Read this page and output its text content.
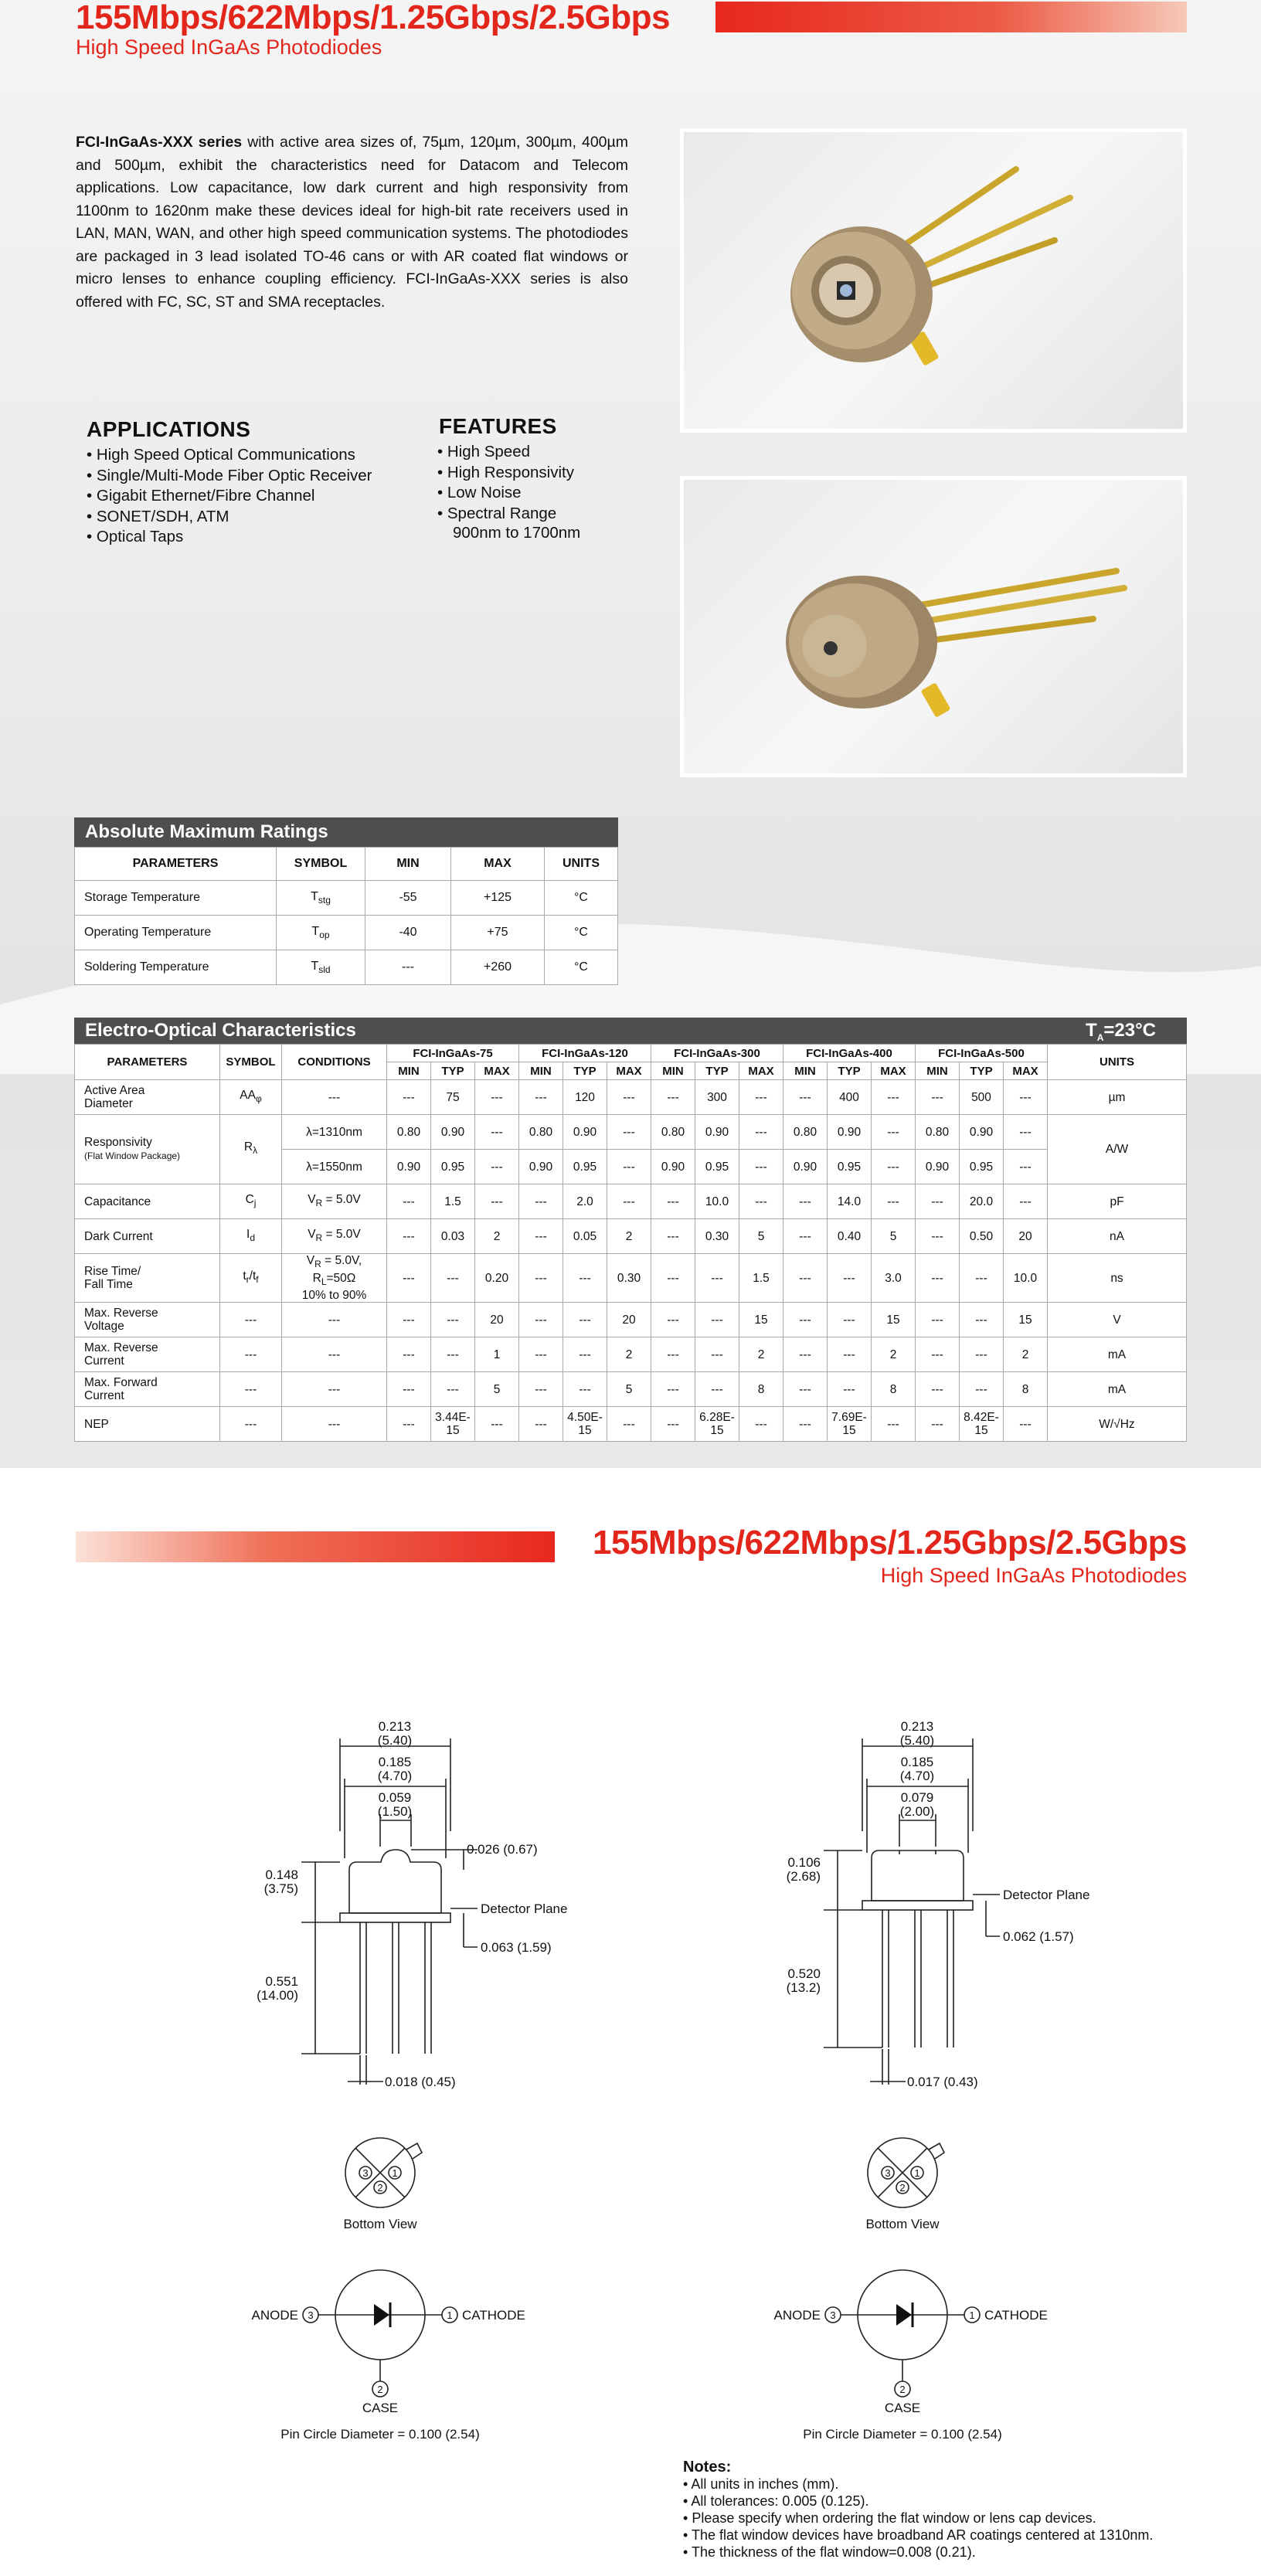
155Mbps/622Mbps/1.25Gbps/2.5Gbps
High Speed InGaAs Photodiodes
FCI-InGaAs-XXX series with active area sizes of, 75µm, 120µm, 300µm, 400µm and 500µm, exhibit the characteristics need for Datacom and Telecom applications. Low capacitance, low dark current and high responsivity from 1100nm to 1620nm make these devices ideal for high-bit rate receivers used in LAN, MAN, WAN, and other high speed communication systems. The photodiodes are packaged in 3 lead isolated TO-46 cans or with AR coated flat windows or micro lenses to enhance coupling efficiency. FCI-InGaAs-XXX series is also offered with FC, SC, ST and SMA receptacles.
APPLICATIONS
• High Speed Optical Communications
• Single/Multi-Mode Fiber Optic Receiver
• Gigabit Ethernet/Fibre Channel
• SONET/SDH, ATM
• Optical Taps
FEATURES
• High Speed
• High Responsivity
• Low Noise
• Spectral Range
900nm to 1700nm
Absolute Maximum Ratings
PARAMETERS	SYMBOL	MIN	MAX	UNITS
Storage Temperature	$T_{stg}$	-55	+125	°C
Operating Temperature	$T_{op}$	-40	+75	°C
Soldering Temperature	$T_{sld}$	---	+260	°C
Electro-Optical Characteristics	$T_A=23^\circ C$
PARAMETERS	SYMBOL	CONDITIONS	FCI-InGaAs-75			FCI-InGaAs-120			FCI-InGaAs-300			FCI-InGaAs-400			FCI-InGaAs-500			UNITS
			MIN	TYP	MAX	MIN	TYP	MAX	MIN	TYP	MAX	MIN	TYP	MAX	MIN	TYP	MAX	
Active Area
Diameter	$AA_\varphi$	---	---	75	---	---	120	---	---	300	---	---	400	---	---	500	---	µm
Responsivity
(Flat Window Package)	$R_\lambda$	λ=1310nm	0.80	0.90	---	0.80	0.90	---	0.80	0.90	---	0.80	0.90	---	0.80	0.90	---	A/W
		λ=1550nm	0.90	0.95	---	0.90	0.95	---	0.90	0.95	---	0.90	0.95	---	0.90	0.95	---	
Capacitance	$C_j$	$V_R = 5.0V$	---	1.5	---	---	2.0	---	---	10.0	---	---	14.0	---	---	20.0	---	pF
Dark Current	$I_d$	$V_R = 5.0V$	---	0.03	2	---	0.05	2	---	0.30	5	---	0.40	5	---	0.50	20	nA
Rise Time/
Fall Time	$t_r/t_f$	$V_R = 5.0V$,
$R_L=50\Omega$
10% to 90%	---	---	0.20	---	---	0.30	---	---	1.5	---	---	3.0	---	---	10.0	ns
Max. Reverse
Voltage	---	---	---	---	20	---	---	20	---	---	15	---	---	15	---	---	15	V
Max. Reverse
Current	---	---	---	---	1	---	---	2	---	---	2	---	---	2	---	---	2	mA
Max. Forward
Current	---	---	---	---	5	---	---	5	---	---	8	---	---	8	---	---	8	mA
NEP	---	---	---	3.44E-15	---	---	4.50E-15	---	---	6.28E-15	---	---	7.69E-15	---	---	8.42E-15	---	W/√Hz
155Mbps/622Mbps/1.25Gbps/2.5Gbps
High Speed InGaAs Photodiodes
0.213
(5.40)
0.185
(4.70)
0.059
(1.50)
0.026 (0.67)
0.148
(3.75)
Detector Plane
0.063 (1.59)
0.551
(14.00)
0.018 (0.45)
3 1
2
Bottom View
ANODE 3	CATHODE
1
2
CASE
Pin Circle Diameter = 0.100 (2.54)
0.213
(5.40)
0.185
(4.70)
0.079
(2.00)
0.106
(2.68)
Detector Plane
0.062 (1.57)
0.520
(13.2)
0.017 (0.43)
3 1
2
Bottom View
ANODE 3	CATHODE
1
2
CASE
Pin Circle Diameter = 0.100 (2.54)
Notes:
• All units in inches (mm).
• All tolerances: 0.005 (0.125).
• Please specify when ordering the flat window or lens cap devices.
• The flat window devices have broadband AR coatings centered at 1310nm.
• The thickness of the flat window=0.008 (0.21).
